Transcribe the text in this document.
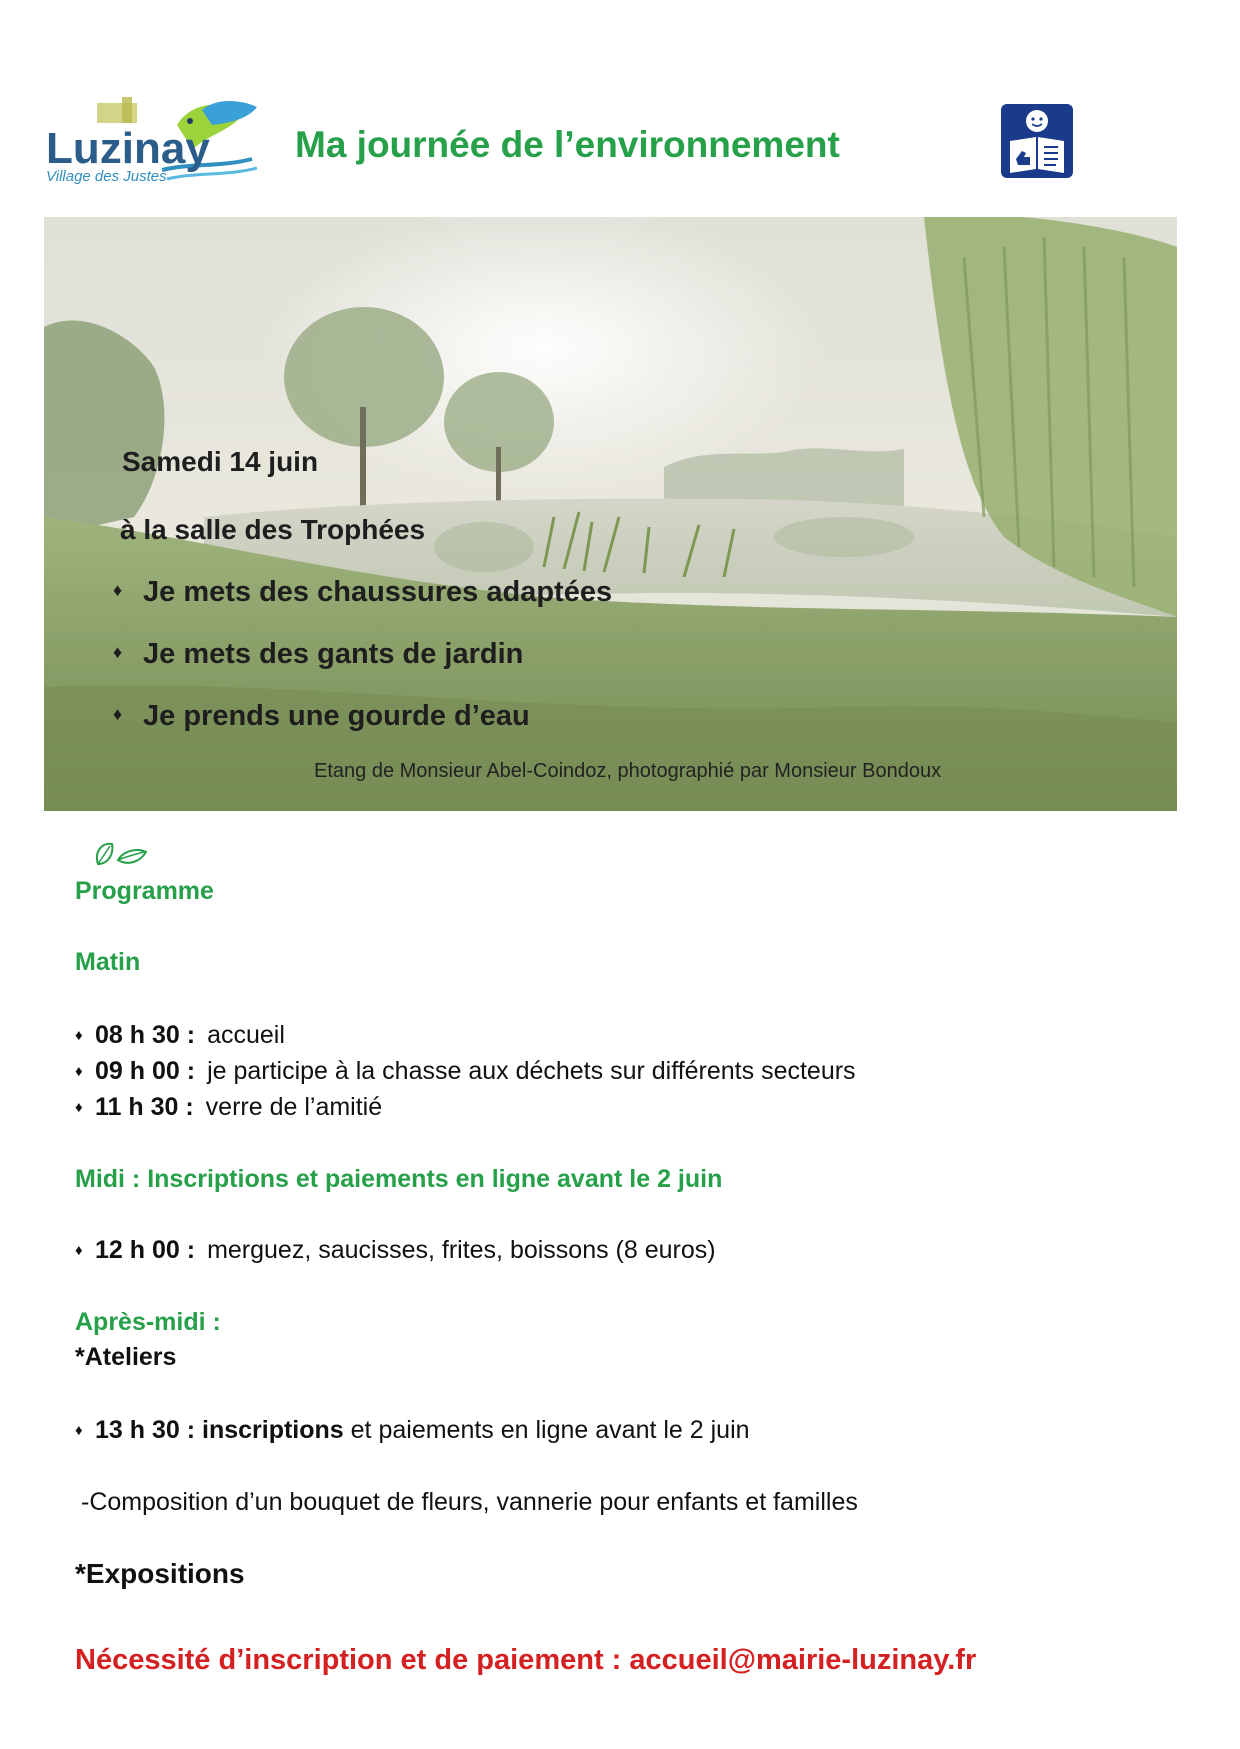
Luzinay
Village des Justes
Ma journée de l’environnement
Samedi 14 juin
à la salle des Trophées
♦ Je mets des chaussures adaptées
♦ Je mets des gants de jardin
♦ Je prends une gourde d’eau
Etang de Monsieur Abel-Coindoz, photographié par Monsieur Bondoux
Programme
Matin
♦ 08 h 30 : accueil
♦ 09 h 00 : je participe à la chasse aux déchets sur différents secteurs
♦ 11 h 30 : verre de l’amitié
Midi : Inscriptions et paiements en ligne avant le 2 juin
♦ 12 h 00 : merguez, saucisses, frites, boissons (8 euros)
Après-midi :
*Ateliers
♦ 13 h 30 : inscriptions et paiements en ligne avant le 2 juin
-Composition d’un bouquet de fleurs, vannerie pour enfants et familles
*Expositions
Nécessité d’inscription et de paiement : accueil@mairie-luzinay.fr
